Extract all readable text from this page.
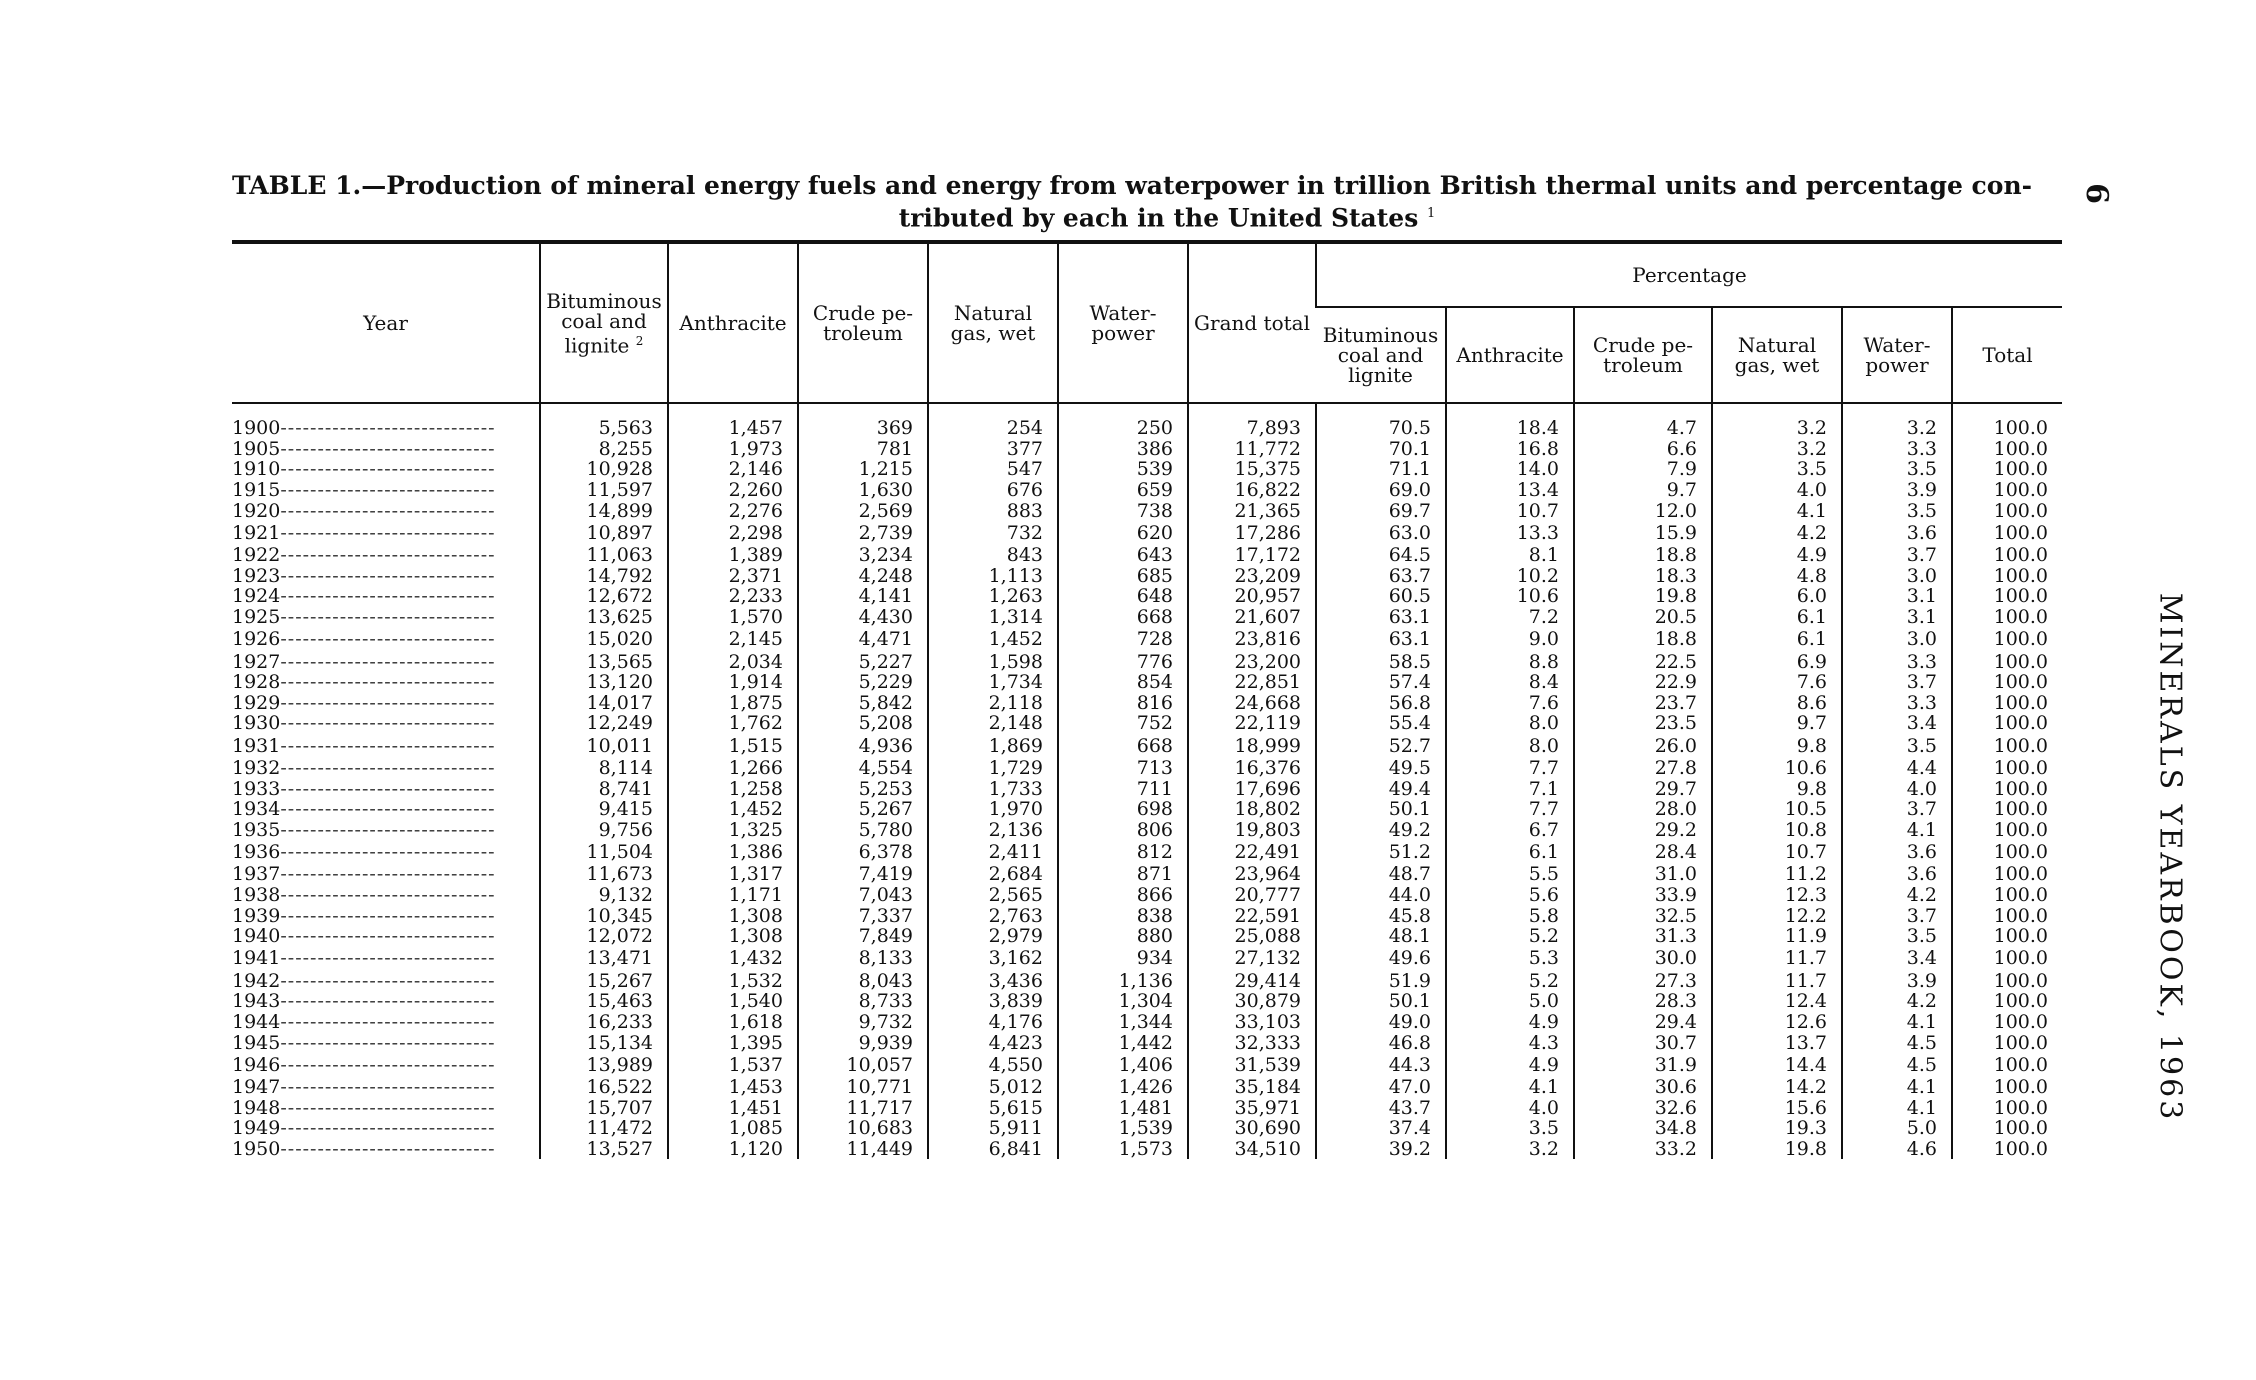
TABLE 1.—Production of mineral energy fuels and energy from waterpower in trillion British thermal units and percentage con-
tributed by each in the United States $^1$
6
MINERALS YEARBOOK, 1963
Year	Bituminous coal and lignite $^2$	Anthracite	Crude pe- troleum	Natural gas, wet	Water- power	Grand total	Percentage					
							Bituminous coal and lignite	Anthracite	Crude pe- troleum	Natural gas, wet	Water- power	Total
1900-----------------------------	5,563	1,457	369	254	250	7,893	70.5	18.4	4.7	3.2	3.2	100.0
1905-----------------------------	8,255	1,973	781	377	386	11,772	70.1	16.8	6.6	3.2	3.3	100.0
1910-----------------------------	10,928	2,146	1,215	547	539	15,375	71.1	14.0	7.9	3.5	3.5	100.0
1915-----------------------------	11,597	2,260	1,630	676	659	16,822	69.0	13.4	9.7	4.0	3.9	100.0
1920-----------------------------	14,899	2,276	2,569	883	738	21,365	69.7	10.7	12.0	4.1	3.5	100.0
1921-----------------------------	10,897	2,298	2,739	732	620	17,286	63.0	13.3	15.9	4.2	3.6	100.0
1922-----------------------------	11,063	1,389	3,234	843	643	17,172	64.5	8.1	18.8	4.9	3.7	100.0
1923-----------------------------	14,792	2,371	4,248	1,113	685	23,209	63.7	10.2	18.3	4.8	3.0	100.0
1924-----------------------------	12,672	2,233	4,141	1,263	648	20,957	60.5	10.6	19.8	6.0	3.1	100.0
1925-----------------------------	13,625	1,570	4,430	1,314	668	21,607	63.1	7.2	20.5	6.1	3.1	100.0
1926-----------------------------	15,020	2,145	4,471	1,452	728	23,816	63.1	9.0	18.8	6.1	3.0	100.0
1927-----------------------------	13,565	2,034	5,227	1,598	776	23,200	58.5	8.8	22.5	6.9	3.3	100.0
1928-----------------------------	13,120	1,914	5,229	1,734	854	22,851	57.4	8.4	22.9	7.6	3.7	100.0
1929-----------------------------	14,017	1,875	5,842	2,118	816	24,668	56.8	7.6	23.7	8.6	3.3	100.0
1930-----------------------------	12,249	1,762	5,208	2,148	752	22,119	55.4	8.0	23.5	9.7	3.4	100.0
1931-----------------------------	10,011	1,515	4,936	1,869	668	18,999	52.7	8.0	26.0	9.8	3.5	100.0
1932-----------------------------	8,114	1,266	4,554	1,729	713	16,376	49.5	7.7	27.8	10.6	4.4	100.0
1933-----------------------------	8,741	1,258	5,253	1,733	711	17,696	49.4	7.1	29.7	9.8	4.0	100.0
1934-----------------------------	9,415	1,452	5,267	1,970	698	18,802	50.1	7.7	28.0	10.5	3.7	100.0
1935-----------------------------	9,756	1,325	5,780	2,136	806	19,803	49.2	6.7	29.2	10.8	4.1	100.0
1936-----------------------------	11,504	1,386	6,378	2,411	812	22,491	51.2	6.1	28.4	10.7	3.6	100.0
1937-----------------------------	11,673	1,317	7,419	2,684	871	23,964	48.7	5.5	31.0	11.2	3.6	100.0
1938-----------------------------	9,132	1,171	7,043	2,565	866	20,777	44.0	5.6	33.9	12.3	4.2	100.0
1939-----------------------------	10,345	1,308	7,337	2,763	838	22,591	45.8	5.8	32.5	12.2	3.7	100.0
1940-----------------------------	12,072	1,308	7,849	2,979	880	25,088	48.1	5.2	31.3	11.9	3.5	100.0
1941-----------------------------	13,471	1,432	8,133	3,162	934	27,132	49.6	5.3	30.0	11.7	3.4	100.0
1942-----------------------------	15,267	1,532	8,043	3,436	1,136	29,414	51.9	5.2	27.3	11.7	3.9	100.0
1943-----------------------------	15,463	1,540	8,733	3,839	1,304	30,879	50.1	5.0	28.3	12.4	4.2	100.0
1944-----------------------------	16,233	1,618	9,732	4,176	1,344	33,103	49.0	4.9	29.4	12.6	4.1	100.0
1945-----------------------------	15,134	1,395	9,939	4,423	1,442	32,333	46.8	4.3	30.7	13.7	4.5	100.0
1946-----------------------------	13,989	1,537	10,057	4,550	1,406	31,539	44.3	4.9	31.9	14.4	4.5	100.0
1947-----------------------------	16,522	1,453	10,771	5,012	1,426	35,184	47.0	4.1	30.6	14.2	4.1	100.0
1948-----------------------------	15,707	1,451	11,717	5,615	1,481	35,971	43.7	4.0	32.6	15.6	4.1	100.0
1949-----------------------------	11,472	1,085	10,683	5,911	1,539	30,690	37.4	3.5	34.8	19.3	5.0	100.0
1950-----------------------------	13,527	1,120	11,449	6,841	1,573	34,510	39.2	3.2	33.2	19.8	4.6	100.0
